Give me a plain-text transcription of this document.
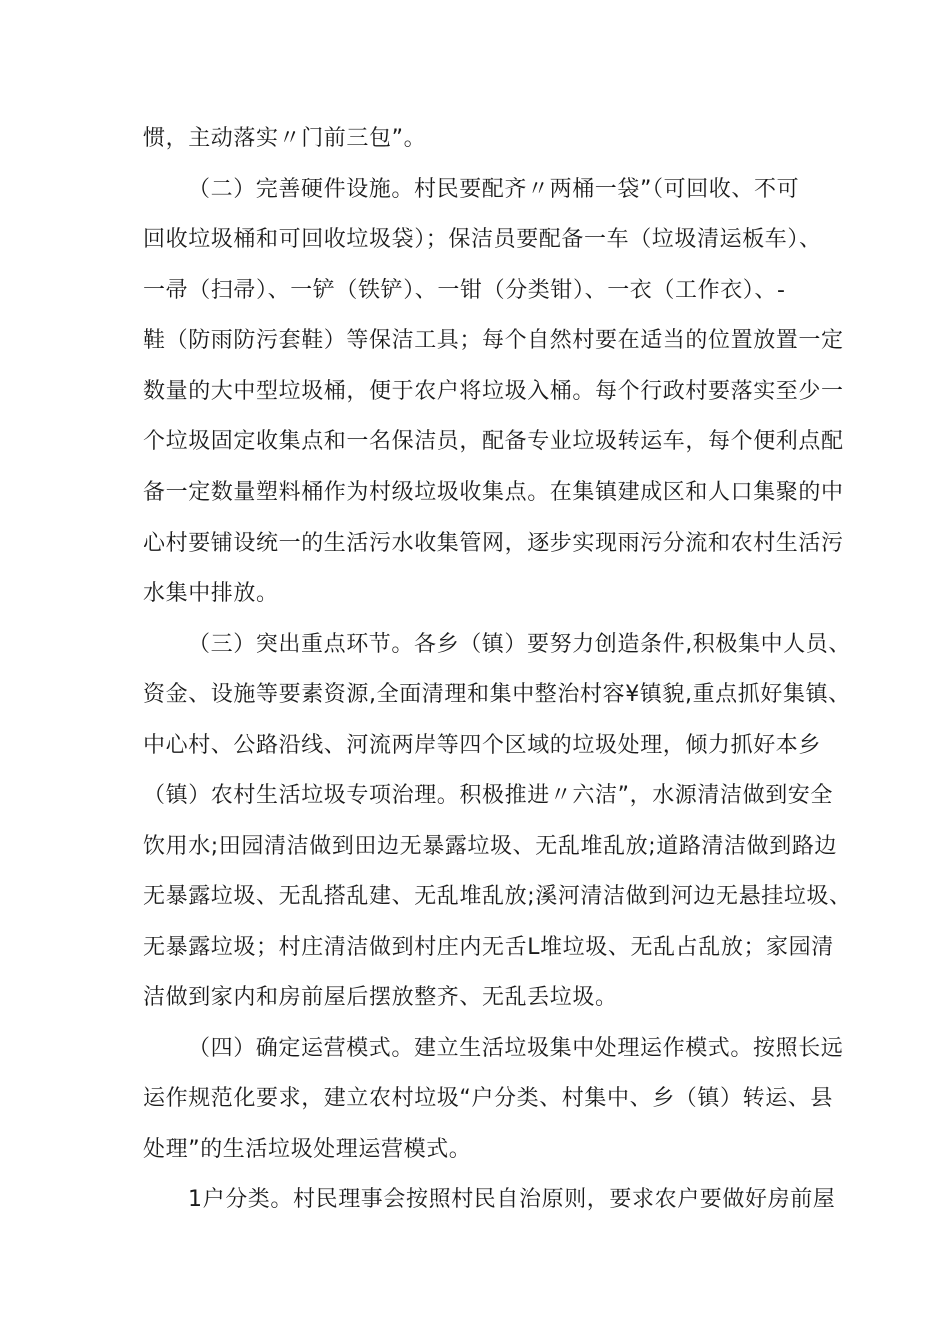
惯，主动落实〃门前三包”。
（二）完善硬件设施。村民要配齐〃两桶一袋”（可回收、不可
回收垃圾桶和可回收垃圾袋）；保洁员要配备一车（垃圾清运板车）、
一帚（扫帚）、一铲（铁铲）、一钳（分类钳）、一衣（工作衣）、-
鞋（防雨防污套鞋）等保洁工具；每个自然村要在适当的位置放置一定
数量的大中型垃圾桶，便于农户将垃圾入桶。每个行政村要落实至少一
个垃圾固定收集点和一名保洁员，配备专业垃圾转运车，每个便利点配
备一定数量塑料桶作为村级垃圾收集点。在集镇建成区和人口集聚的中
心村要铺设统一的生活污水收集管网，逐步实现雨污分流和农村生活污
水集中排放。
（三）突出重点环节。各乡（镇）要努力创造条件,积极集中人员、
资金、设施等要素资源,全面清理和集中整治村容¥镇貌,重点抓好集镇、
中心村、公路沿线、河流两岸等四个区域的垃圾处理，倾力抓好本乡
（镇）农村生活垃圾专项治理。积极推进〃六洁”，水源清洁做到安全
饮用水;田园清洁做到田边无暴露垃圾、无乱堆乱放;道路清洁做到路边
无暴露垃圾、无乱搭乱建、无乱堆乱放;溪河清洁做到河边无悬挂垃圾、
无暴露垃圾；村庄清洁做到村庄内无舌L堆垃圾、无乱占乱放；家园清
洁做到家内和房前屋后摆放整齐、无乱丢垃圾。
（四）确定运营模式。建立生活垃圾集中处理运作模式。按照长远
运作规范化要求，建立农村垃圾“户分类、村集中、乡（镇）转运、县
处理”的生活垃圾处理运营模式。
1户分类。村民理事会按照村民自治原则，要求农户要做好房前屋
